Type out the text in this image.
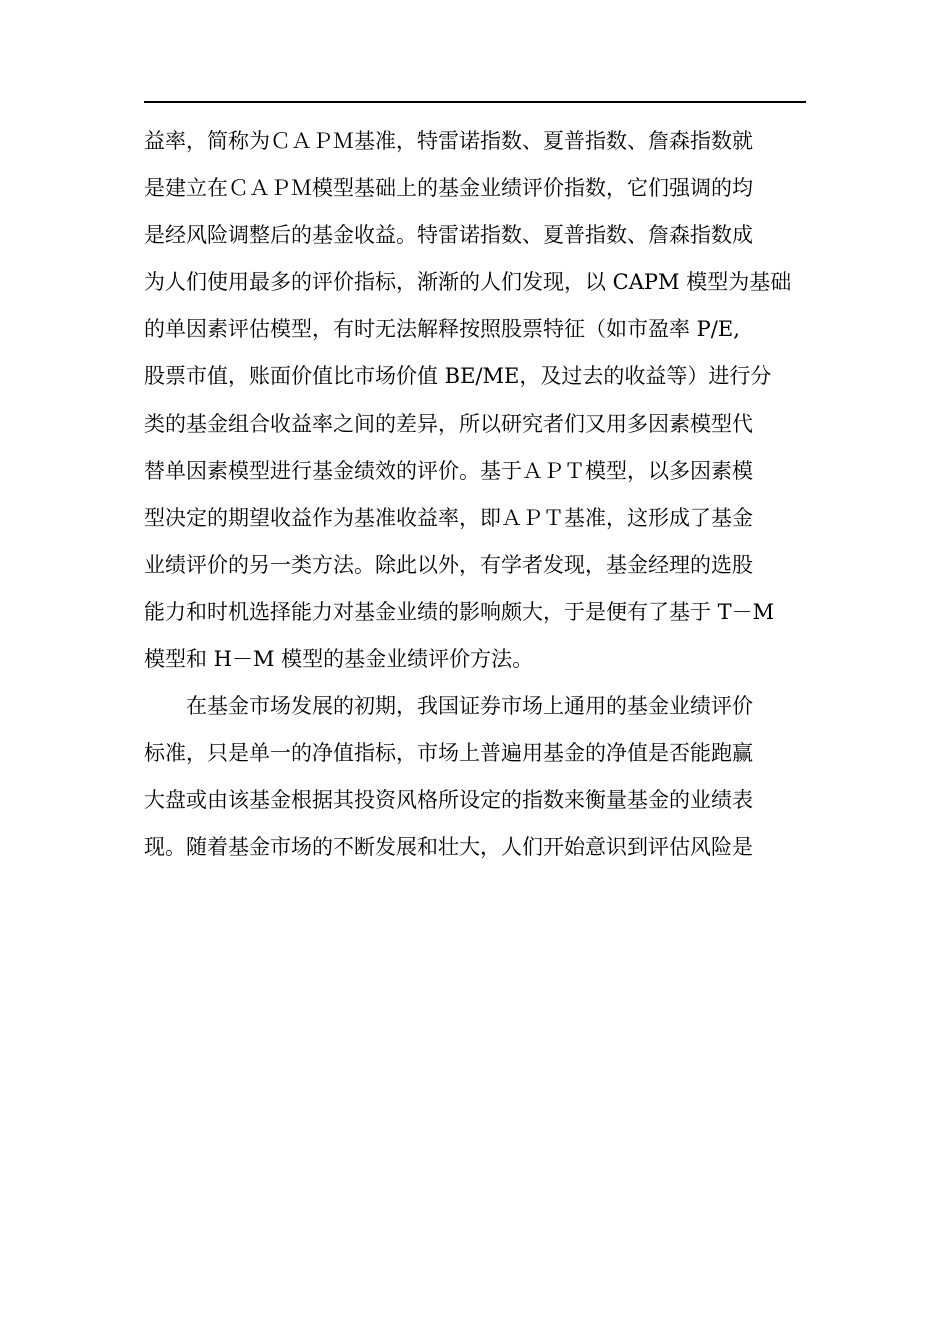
益率，简称为ＣＡＰＭ基准，特雷诺指数、夏普指数、詹森指数就
是建立在ＣＡＰＭ模型基础上的基金业绩评价指数，它们强调的均
是经风险调整后的基金收益。特雷诺指数、夏普指数、詹森指数成
为人们使用最多的评价指标，渐渐的人们发现，以 CAPM 模型为基础
的单因素评估模型，有时无法解释按照股票特征（如市盈率 P/E,
股票市值，账面价值比市场价值 BE/ME，及过去的收益等）进行分
类的基金组合收益率之间的差异，所以研究者们又用多因素模型代
替单因素模型进行基金绩效的评价。基于ＡＰＴ模型，以多因素模
型决定的期望收益作为基准收益率，即ＡＰＴ基准，这形成了基金
业绩评价的另一类方法。除此以外，有学者发现，基金经理的选股
能力和时机选择能力对基金业绩的影响颇大，于是便有了基于 T－M
模型和 H－M 模型的基金业绩评价方法。
在基金市场发展的初期，我国证券市场上通用的基金业绩评价
标准，只是单一的净值指标，市场上普遍用基金的净值是否能跑赢
大盘或由该基金根据其投资风格所设定的指数来衡量基金的业绩表
现。随着基金市场的不断发展和壮大，人们开始意识到评估风险是
